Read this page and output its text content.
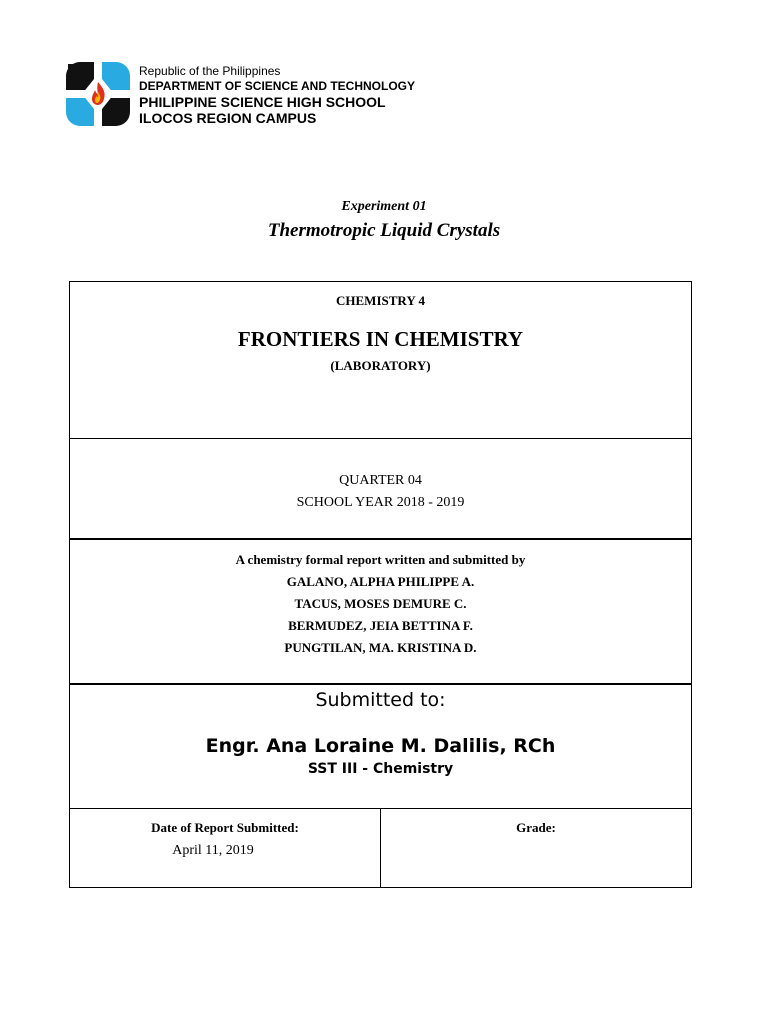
Republic of the Philippines
DEPARTMENT OF SCIENCE AND TECHNOLOGY
PHILIPPINE SCIENCE HIGH SCHOOL
ILOCOS REGION CAMPUS
Experiment 01
Thermotropic Liquid Crystals
CHEMISTRY 4
FRONTIERS IN CHEMISTRY
(LABORATORY)
QUARTER 04
SCHOOL YEAR 2018 - 2019
A chemistry formal report written and submitted by
GALANO, ALPHA PHILIPPE A.
TACUS, MOSES DEMURE C.
BERMUDEZ, JEIA BETTINA F.
PUNGTILAN, MA. KRISTINA D.
Submitted to:
Engr. Ana Loraine M. Dalilis, RCh
SST III - Chemistry
Date of Report Submitted:
April 11, 2019
Grade:
